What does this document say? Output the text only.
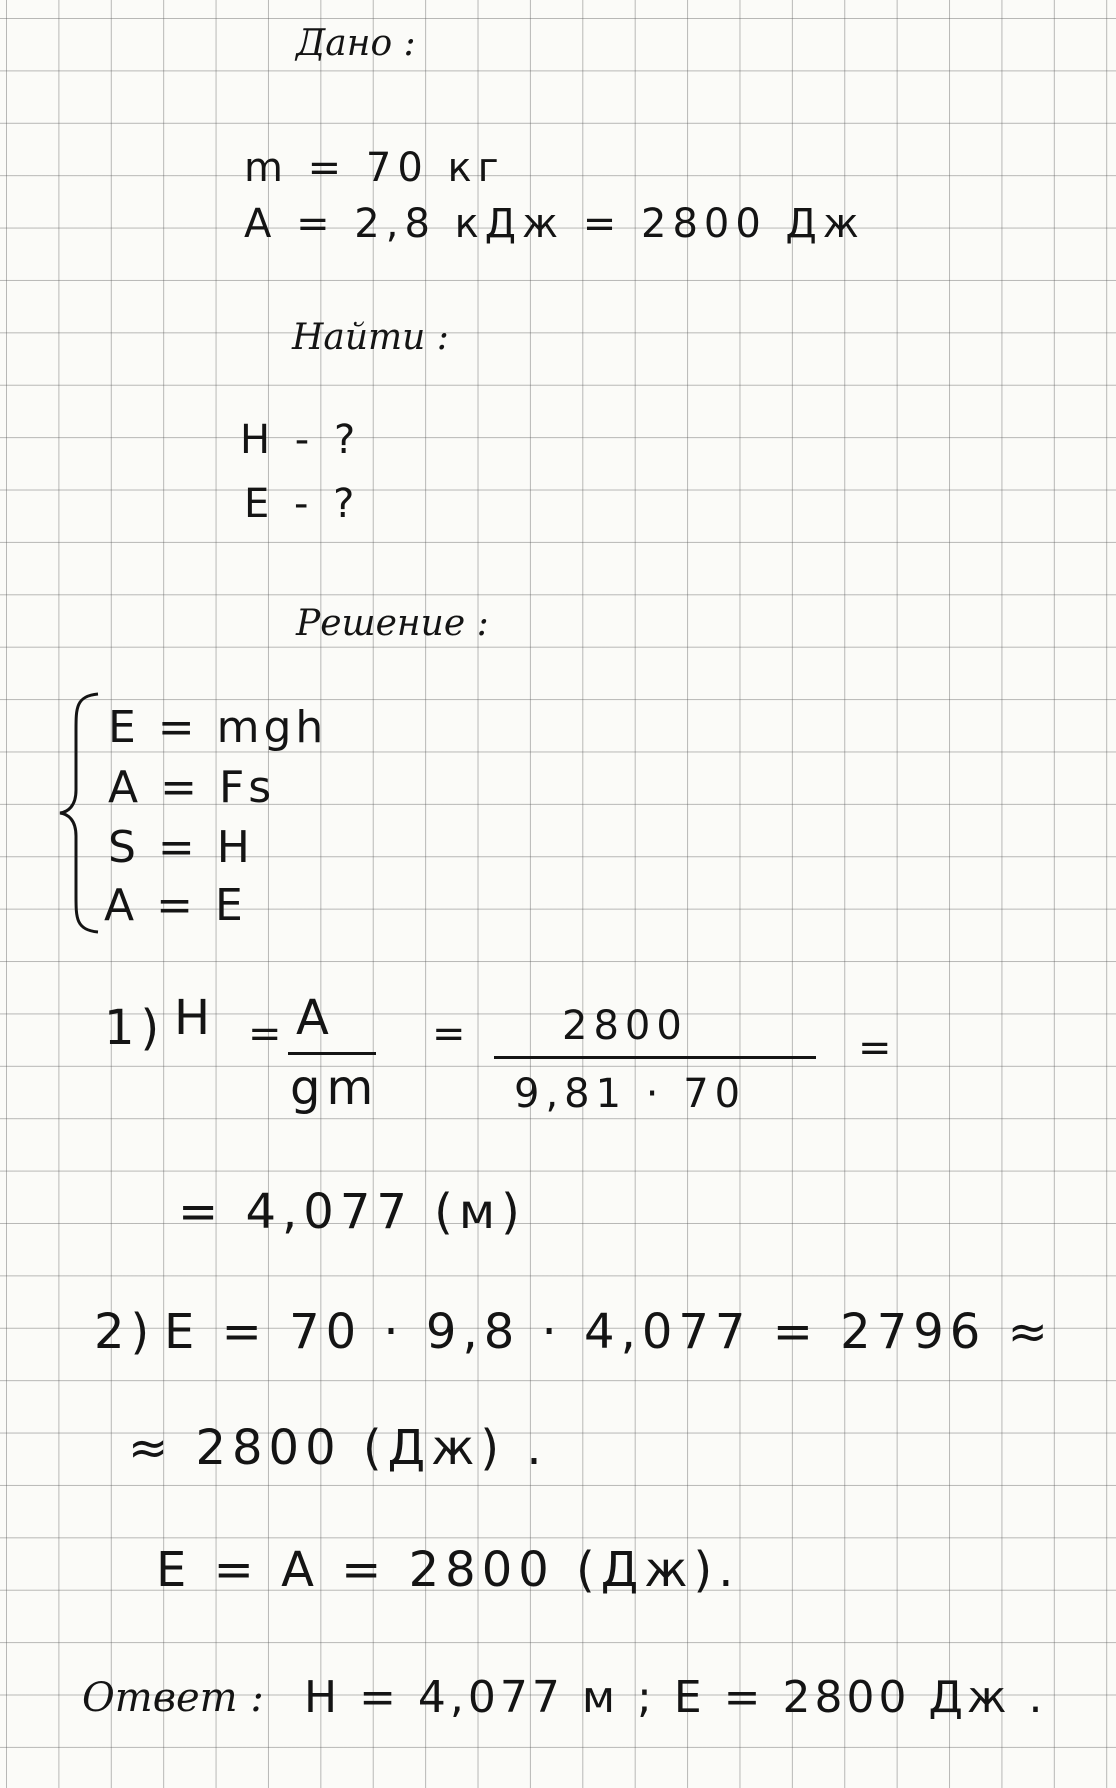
Дано :
m = 70 кг
A = 2,8 кДж = 2800 Дж
Найти :
H - ?
E - ?
Решение :
E = mgh
A = Fs
S = H
A = E
1) H = A
gm
= 2800
9,81 · 70
=
= 4,077 (м)
2) E = 70 · 9,8 · 4,077 = 2796 ≈
≈ 2800 (Дж) .
E = A = 2800 (Дж).
Ответ : H = 4,077 м ; E = 2800 Дж .
